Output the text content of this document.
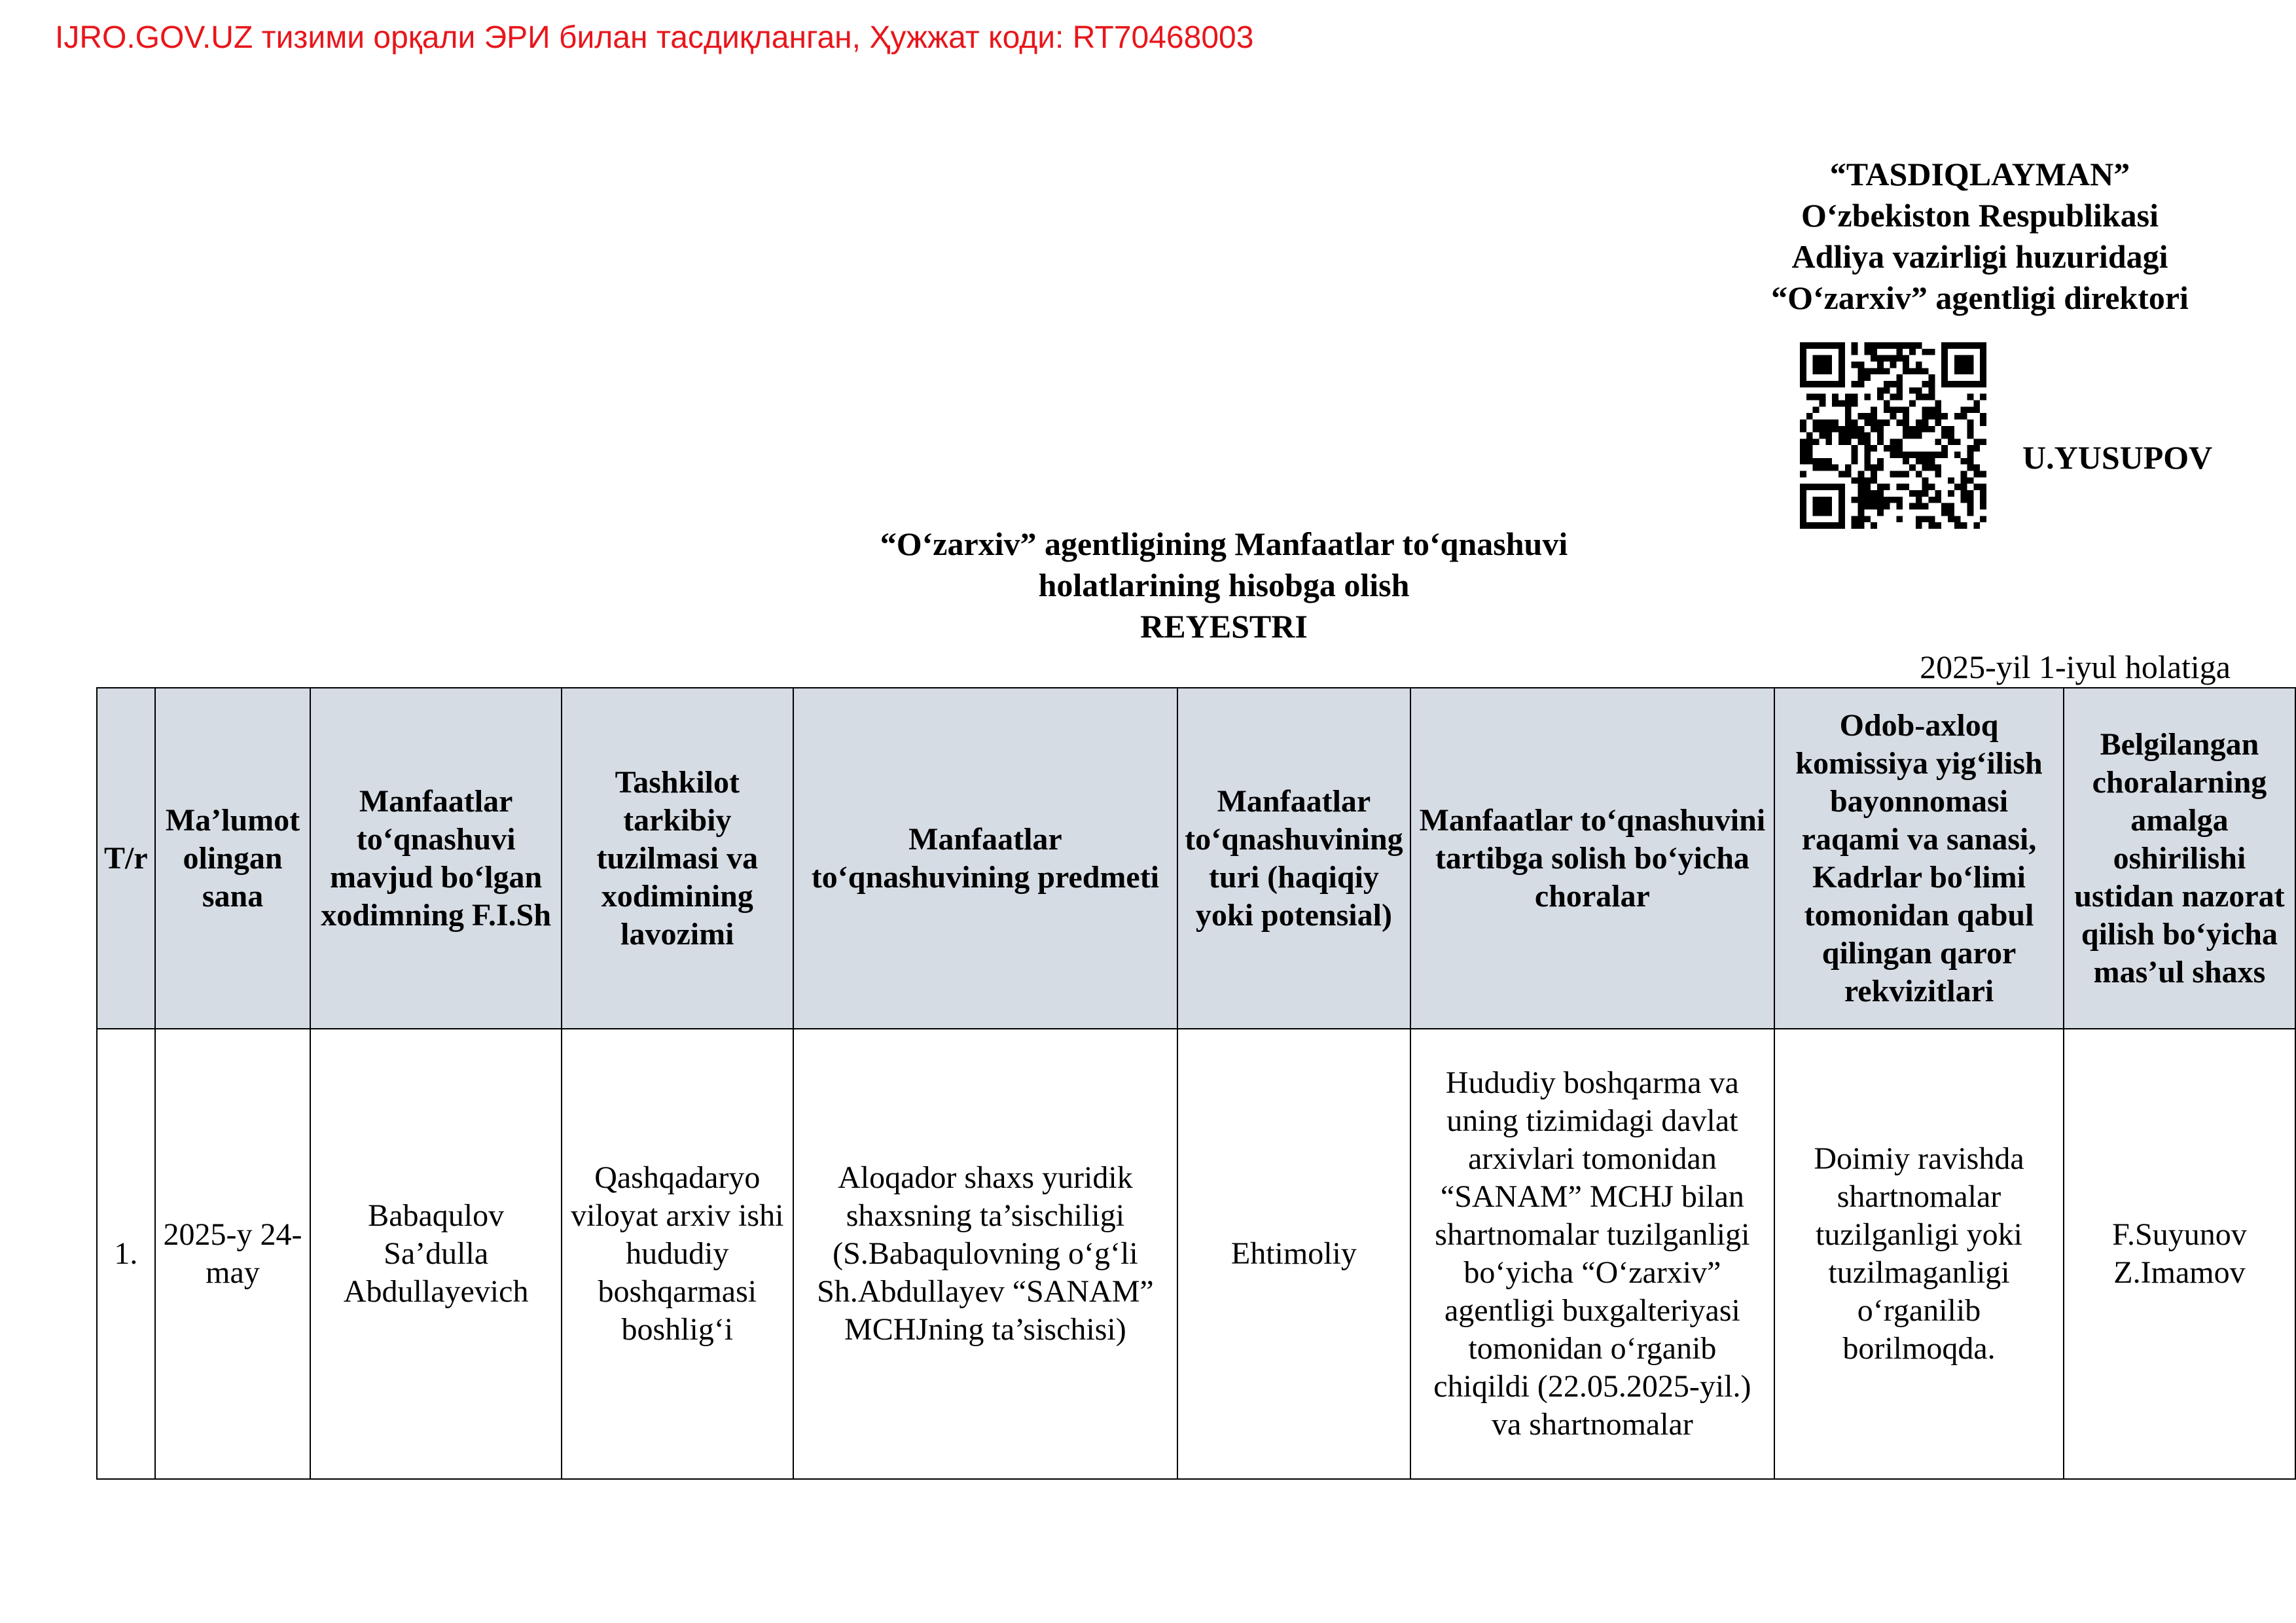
IJRO.GOV.UZ тизими орқали ЭРИ билан тасдиқланган, Ҳужжат коди: RT70468003
“TASDIQLAYMAN”
O‘zbekiston Respublikasi
Adliya vazirligi huzuridagi
“O‘zarxiv” agentligi direktori
U.YUSUPOV
“O‘zarxiv” agentligining Manfaatlar to‘qnashuvi
holatlarining hisobga olish
REYESTRI
2025-yil 1-iyul holatiga
T/r	Ma’lumot olingan sana	Manfaatlar to‘qnashuvi mavjud bo‘lgan xodimning F.I.Sh	Tashkilot tarkibiy tuzilmasi va xodimining lavozimi	Manfaatlar to‘qnashuvining predmeti	Manfaatlar to‘qnashuvining turi (haqiqiy yoki potensial)	Manfaatlar to‘qnashuvini tartibga solish bo‘yicha choralar	Odob-axloq komissiya yig‘ilish bayonnomasi raqami va sanasi, Kadrlar bo‘limi tomonidan qabul qilingan qaror rekvizitlari	Belgilangan choralarning amalga oshirilishi ustidan nazorat qilish bo‘yicha mas’ul shaxs
1.	2025-y 24-may	Babaqulov Sa’dulla Abdullayevich	Qashqadaryo viloyat arxiv ishi hududiy boshqarmasi boshlig‘i	Aloqador shaxs yuridik shaxsning ta’sischiligi (S.Babaqulovning o‘g‘li Sh.Abdullayev “SANAM” MCHJning ta’sischisi)	Ehtimoliy	Hududiy boshqarma va uning tizimidagi davlat arxivlari tomonidan “SANAM” MCHJ bilan shartnomalar tuzilganligi bo‘yicha “O‘zarxiv” agentligi buxgalteriyasi tomonidan o‘rganib chiqildi (22.05.2025-yil.) va shartnomalar	Doimiy ravishda shartnomalar tuzilganligi yoki tuzilmaganligi o‘rganilib borilmoqda.	F.Suyunov Z.Imamov
